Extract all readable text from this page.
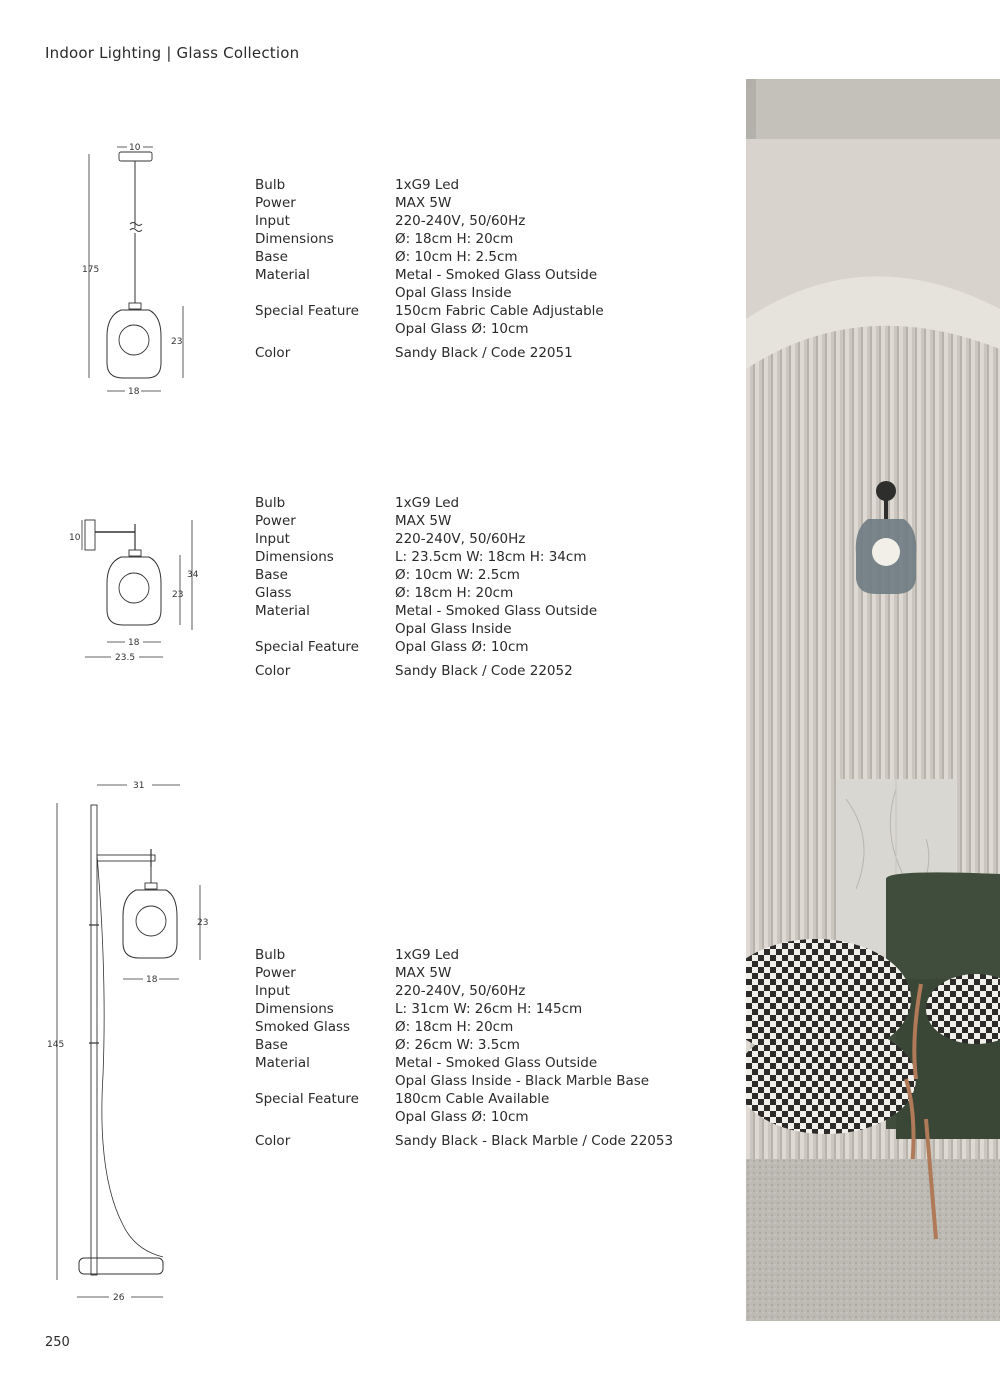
Indoor Lighting | Glass Collection
10
175
23
18
Bulb	1xG9 Led
Power	MAX 5W
Input	220-240V, 50/60Hz
Dimensions	Ø: 18cm H: 20cm
Base	Ø: 10cm H: 2.5cm
Material	Metal - Smoked Glass Outside
Opal Glass Inside
Special Feature	150cm Fabric Cable Adjustable
Opal Glass Ø: 10cm
Color	Sandy Black / Code 22051
10
34
23
18
23.5
Bulb	1xG9 Led
Power	MAX 5W
Input	220-240V, 50/60Hz
Dimensions	L: 23.5cm W: 18cm H: 34cm
Base	Ø: 10cm W: 2.5cm
Glass	Ø: 18cm H: 20cm
Material	Metal - Smoked Glass Outside
Opal Glass Inside
Special Feature	Opal Glass Ø: 10cm
Color	Sandy Black / Code 22052
31
145
23
18
26
Bulb	1xG9 Led
Power	MAX 5W
Input	220-240V, 50/60Hz
Dimensions	L: 31cm W: 26cm H: 145cm
Smoked Glass	Ø: 18cm H: 20cm
Base	Ø: 26cm W: 3.5cm
Material	Metal - Smoked Glass Outside
Opal Glass Inside - Black Marble Base
Special Feature	180cm Cable Available
Opal Glass Ø: 10cm
Color	Sandy Black - Black Marble / Code 22053
250
